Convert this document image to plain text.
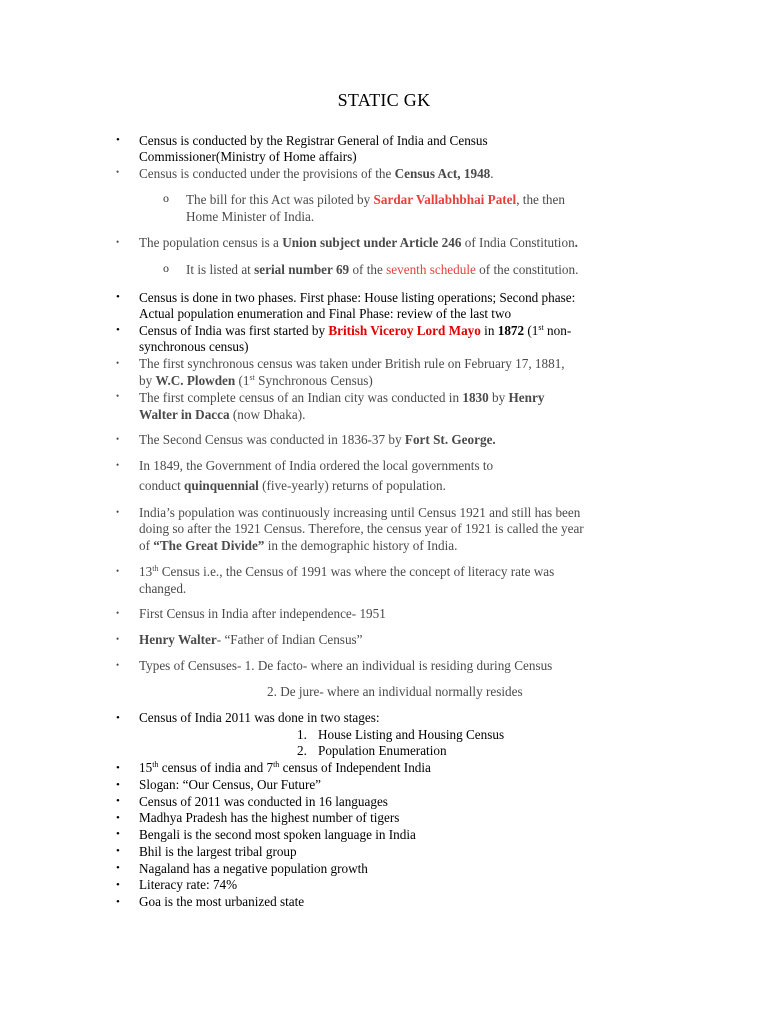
STATIC GK
• Census is conducted by the Registrar General of India and Census
Commissioner(Ministry of Home affairs)
• Census is conducted under the provisions of the Census Act, 1948.
o The bill for this Act was piloted by Sardar Vallabhbhai Patel, the then
Home Minister of India.
• The population census is a Union subject under Article 246 of India Constitution.
o It is listed at serial number 69 of the seventh schedule of the constitution.
• Census is done in two phases. First phase: House listing operations; Second phase:
Actual population enumeration and Final Phase: review of the last two
• Census of India was first started by British Viceroy Lord Mayo in 1872 (1st non-
synchronous census)
• The first synchronous census was taken under British rule on February 17, 1881,
by W.C. Plowden (1st Synchronous Census)
• The first complete census of an Indian city was conducted in 1830 by Henry
Walter in Dacca (now Dhaka).
• The Second Census was conducted in 1836-37 by Fort St. George.
• In 1849, the Government of India ordered the local governments to
conduct quinquennial (five-yearly) returns of population.
• India’s population was continuously increasing until Census 1921 and still has been
doing so after the 1921 Census. Therefore, the census year of 1921 is called the year
of “The Great Divide” in the demographic history of India.
• 13th Census i.e., the Census of 1991 was where the concept of literacy rate was
changed.
• First Census in India after independence- 1951
• Henry Walter- “Father of Indian Census”
• Types of Censuses- 1. De facto- where an individual is residing during Census
2. De jure- where an individual normally resides
• Census of India 2011 was done in two stages:
1. House Listing and Housing Census
2. Population Enumeration
• 15th census of india and 7th census of Independent India
• Slogan: “Our Census, Our Future”
• Census of 2011 was conducted in 16 languages
• Madhya Pradesh has the highest number of tigers
• Bengali is the second most spoken language in India
• Bhil is the largest tribal group
• Nagaland has a negative population growth
• Literacy rate: 74%
• Goa is the most urbanized state
